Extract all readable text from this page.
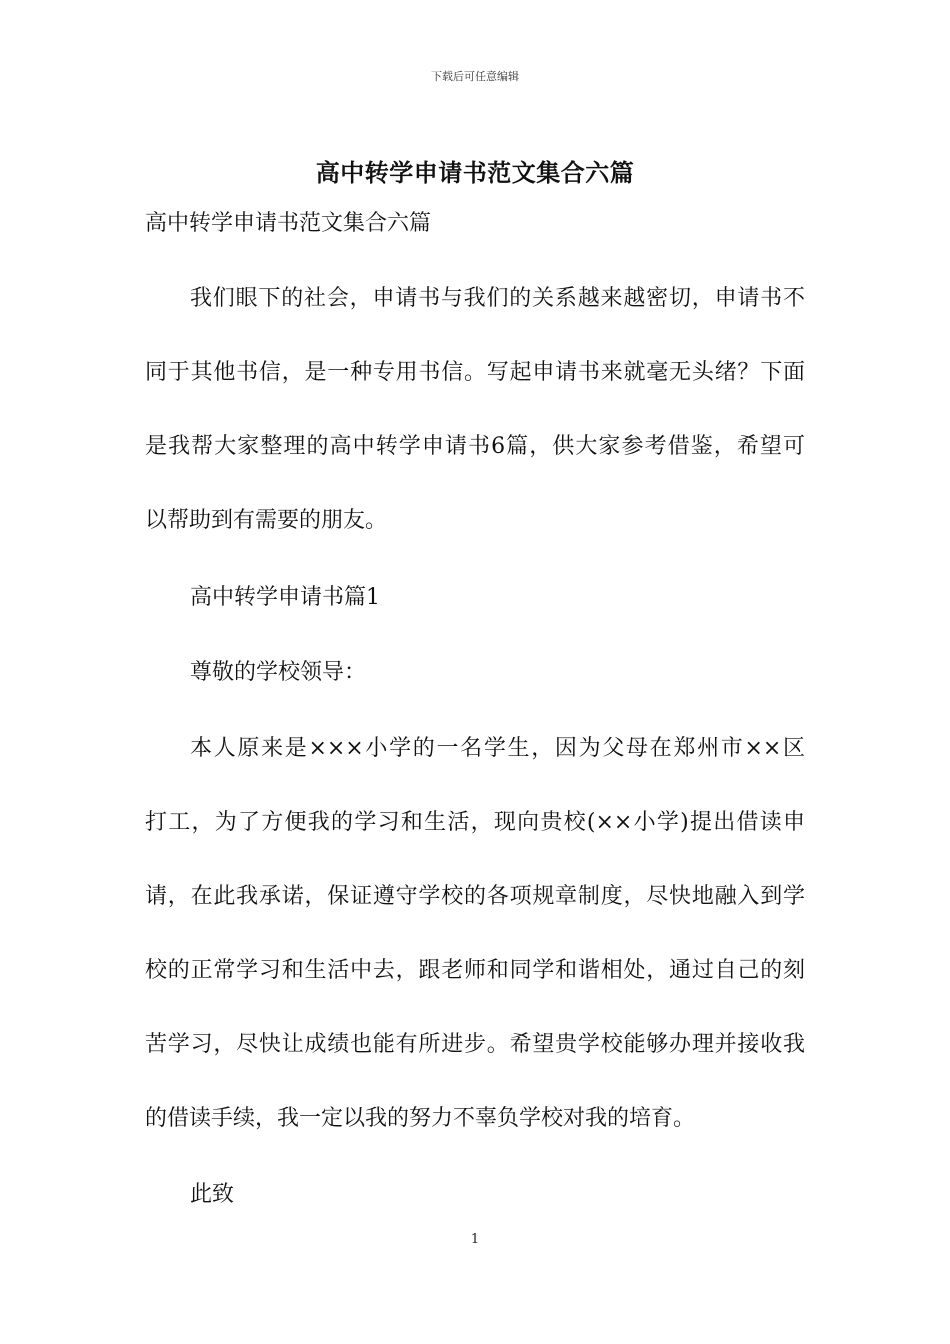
下载后可任意编辑
高中转学申请书范文集合六篇

高中转学申请书范文集合六篇

我们眼下的社会，申请书与我们的关系越来越密切，申请书不

同于其他书信，是一种专用书信。写起申请书来就毫无头绪？下面

是我帮大家整理的高中转学申请书6篇，供大家参考借鉴，希望可

以帮助到有需要的朋友。

高中转学申请书篇1

尊敬的学校领导：

本人原来是×××小学的一名学生，因为父母在郑州市××区

打工，为了方便我的学习和生活，现向贵校(××小学)提出借读申

请，在此我承诺，保证遵守学校的各项规章制度，尽快地融入到学

校的正常学习和生活中去，跟老师和同学和谐相处，通过自己的刻

苦学习，尽快让成绩也能有所进步。希望贵学校能够办理并接收我

的借读手续，我一定以我的努力不辜负学校对我的培育。

此致

1
